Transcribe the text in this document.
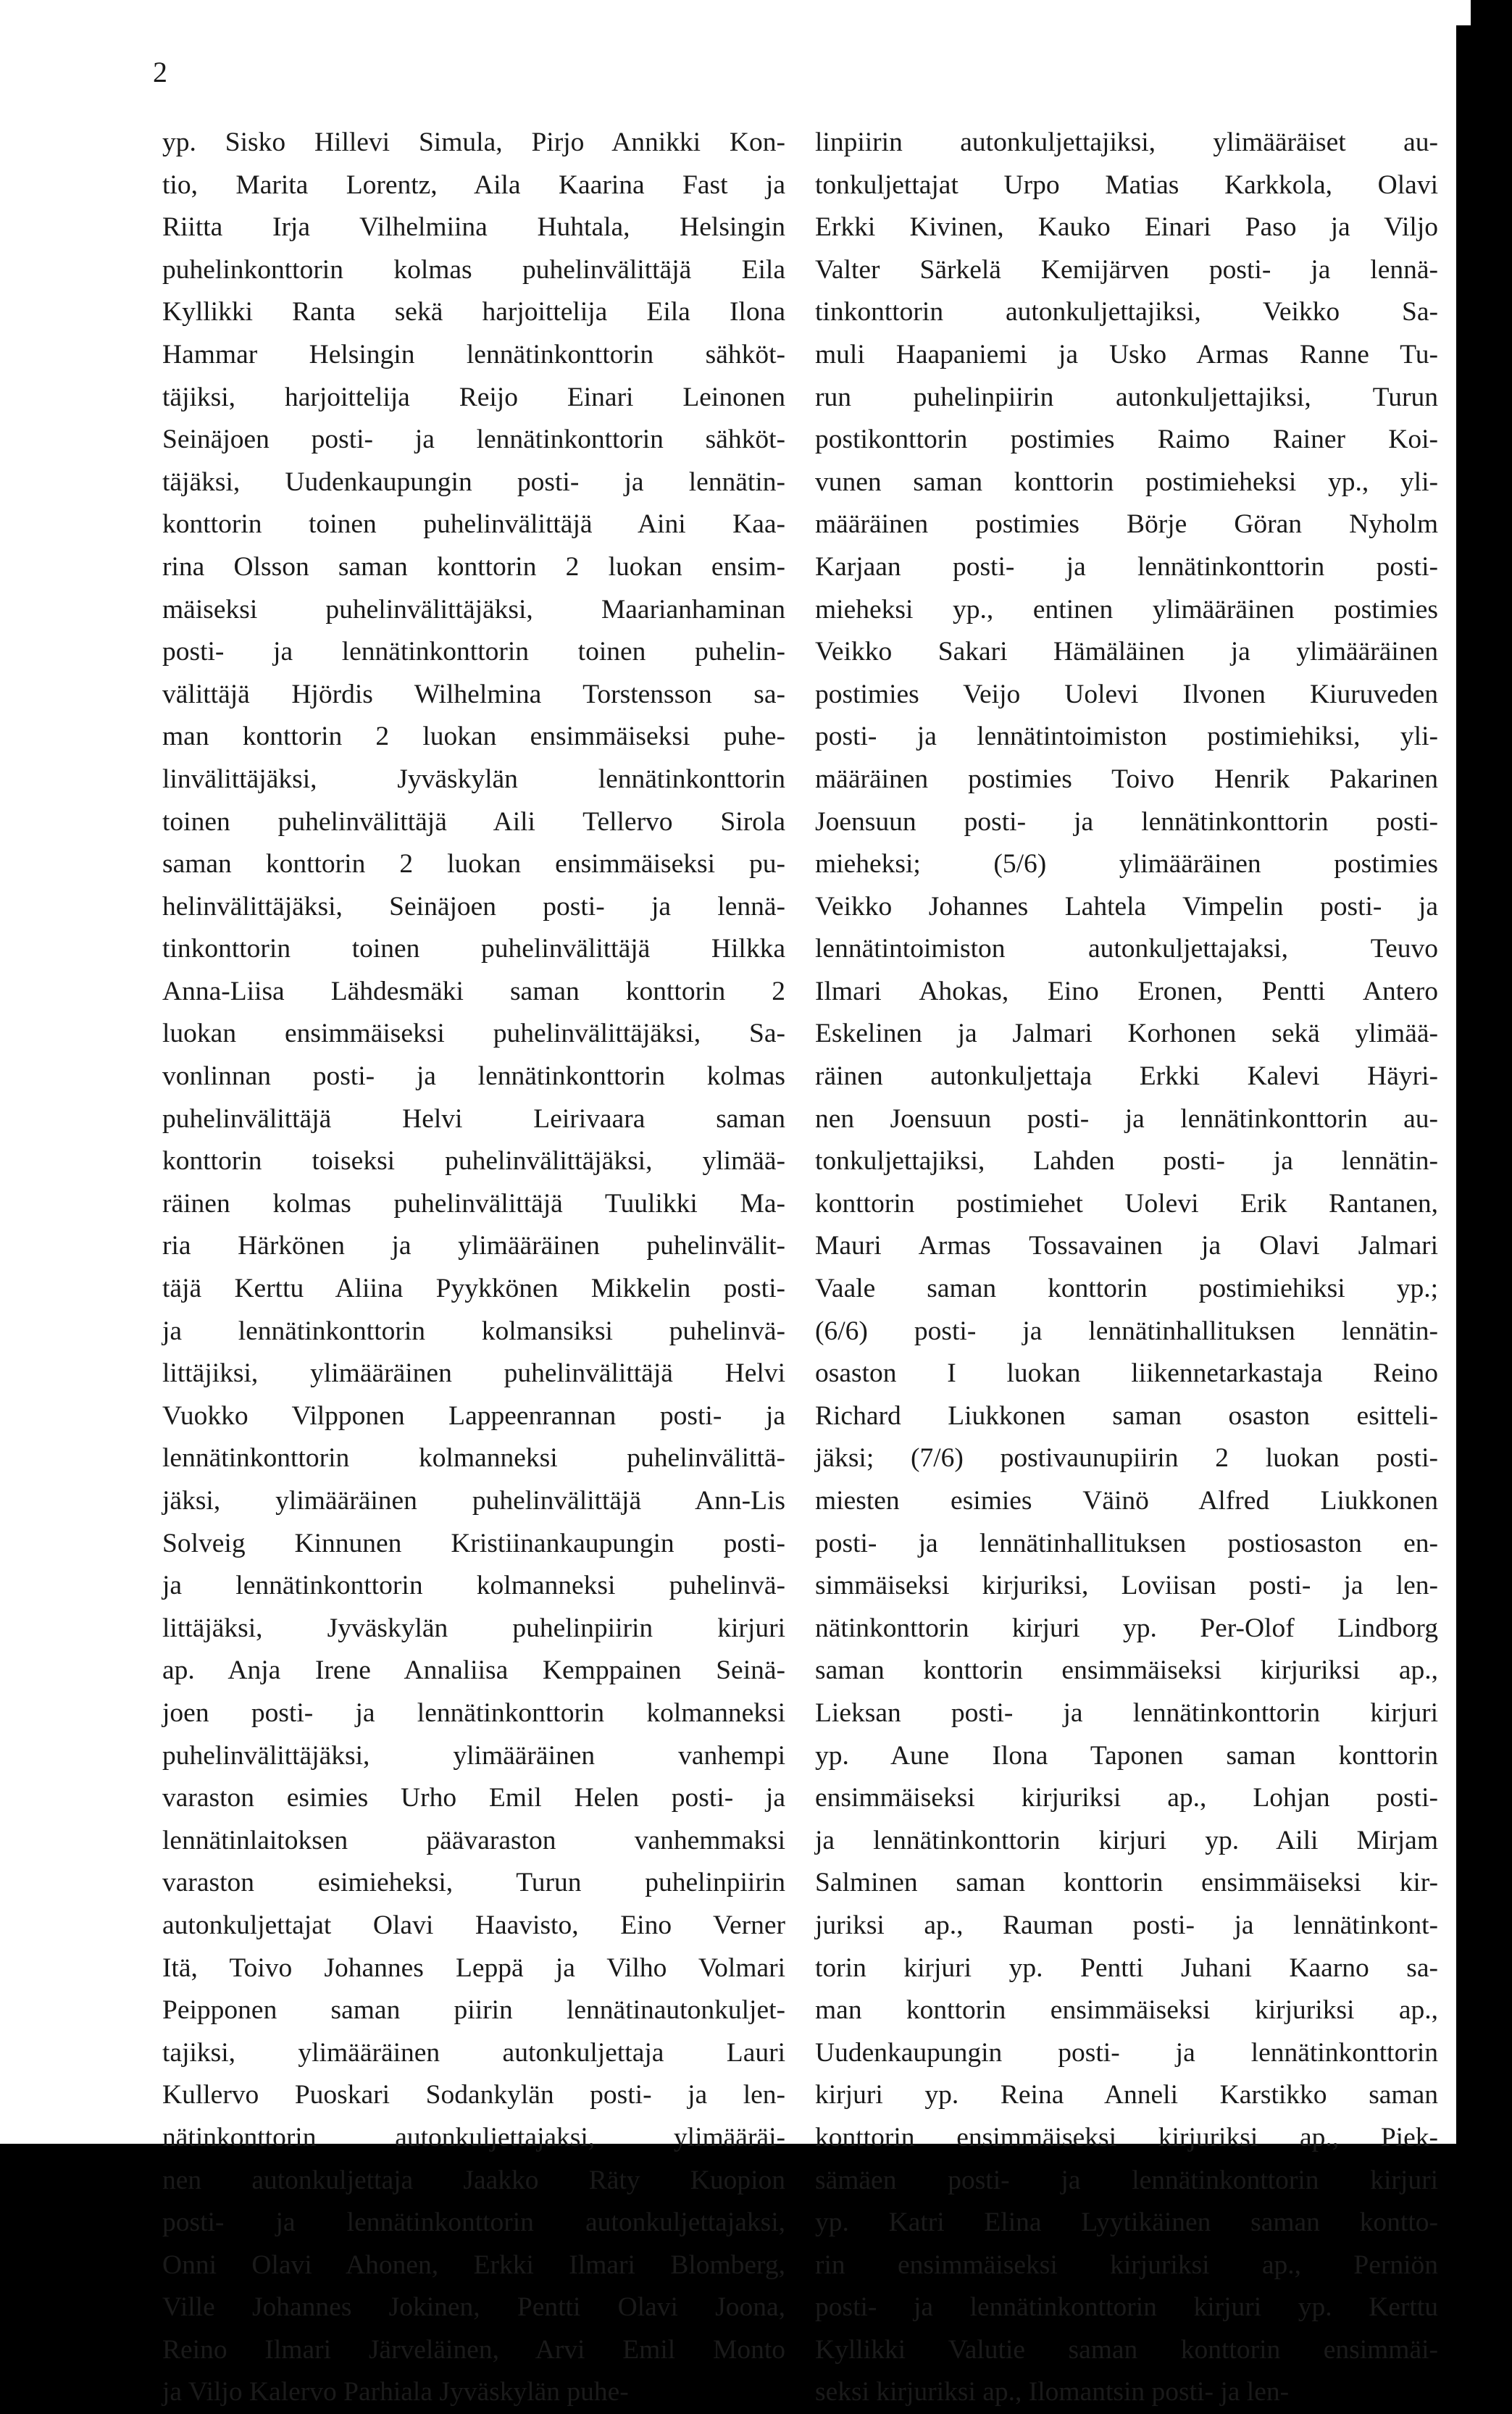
2
yp. Sisko Hillevi Simula, Pirjo Annikki Kon-
tio, Marita Lorentz, Aila Kaarina Fast ja
Riitta Irja Vilhelmiina Huhtala, Helsingin
puhelinkonttorin kolmas puhelinvälittäjä Eila
Kyllikki Ranta sekä harjoittelija Eila Ilona
Hammar Helsingin lennätinkonttorin sähköt-
täjiksi, harjoittelija Reijo Einari Leinonen
Seinäjoen posti- ja lennätinkonttorin sähköt-
täjäksi, Uudenkaupungin posti- ja lennätin-
konttorin toinen puhelinvälittäjä Aini Kaa-
rina Olsson saman konttorin 2 luokan ensim-
mäiseksi puhelinvälittäjäksi, Maarianhaminan
posti- ja lennätinkonttorin toinen puhelin-
välittäjä Hjördis Wilhelmina Torstensson sa-
man konttorin 2 luokan ensimmäiseksi puhe-
linvälittäjäksi, Jyväskylän lennätinkonttorin
toinen puhelinvälittäjä Aili Tellervo Sirola
saman konttorin 2 luokan ensimmäiseksi pu-
helinvälittäjäksi, Seinäjoen posti- ja lennä-
tinkonttorin toinen puhelinvälittäjä Hilkka
Anna-Liisa Lähdesmäki saman konttorin 2
luokan ensimmäiseksi puhelinvälittäjäksi, Sa-
vonlinnan posti- ja lennätinkonttorin kolmas
puhelinvälittäjä Helvi Leirivaara saman
konttorin toiseksi puhelinvälittäjäksi, ylimää-
räinen kolmas puhelinvälittäjä Tuulikki Ma-
ria Härkönen ja ylimääräinen puhelinvälit-
täjä Kerttu Aliina Pyykkönen Mikkelin posti-
ja lennätinkonttorin kolmansiksi puhelinvä-
littäjiksi, ylimääräinen puhelinvälittäjä Helvi
Vuokko Vilpponen Lappeenrannan posti- ja
lennätinkonttorin kolmanneksi puhelinvälittä-
jäksi, ylimääräinen puhelinvälittäjä Ann-Lis
Solveig Kinnunen Kristiinankaupungin posti-
ja lennätinkonttorin kolmanneksi puhelinvä-
littäjäksi, Jyväskylän puhelinpiirin kirjuri
ap. Anja Irene Annaliisa Kemppainen Seinä-
joen posti- ja lennätinkonttorin kolmanneksi
puhelinvälittäjäksi, ylimääräinen vanhempi
varaston esimies Urho Emil Helen posti- ja
lennätinlaitoksen päävaraston vanhemmaksi
varaston esimieheksi, Turun puhelinpiirin
autonkuljettajat Olavi Haavisto, Eino Verner
Itä, Toivo Johannes Leppä ja Vilho Volmari
Peipponen saman piirin lennätinautonkuljet-
tajiksi, ylimääräinen autonkuljettaja Lauri
Kullervo Puoskari Sodankylän posti- ja len-
nätinkonttorin autonkuljettajaksi, ylimääräi-
nen autonkuljettaja Jaakko Räty Kuopion
posti- ja lennätinkonttorin autonkuljettajaksi,
Onni Olavi Ahonen, Erkki Ilmari Blomberg,
Ville Johannes Jokinen, Pentti Olavi Joona,
Reino Ilmari Järveläinen, Arvi Emil Monto
ja Viljo Kalervo Parhiala Jyväskylän puhe-
linpiirin autonkuljettajiksi, ylimääräiset au-
tonkuljettajat Urpo Matias Karkkola, Olavi
Erkki Kivinen, Kauko Einari Paso ja Viljo
Valter Särkelä Kemijärven posti- ja lennä-
tinkonttorin autonkuljettajiksi, Veikko Sa-
muli Haapaniemi ja Usko Armas Ranne Tu-
run puhelinpiirin autonkuljettajiksi, Turun
postikonttorin postimies Raimo Rainer Koi-
vunen saman konttorin postimieheksi yp., yli-
määräinen postimies Börje Göran Nyholm
Karjaan posti- ja lennätinkonttorin posti-
mieheksi yp., entinen ylimääräinen postimies
Veikko Sakari Hämäläinen ja ylimääräinen
postimies Veijo Uolevi Ilvonen Kiuruveden
posti- ja lennätintoimiston postimiehiksi, yli-
määräinen postimies Toivo Henrik Pakarinen
Joensuun posti- ja lennätinkonttorin posti-
mieheksi; (5/6) ylimääräinen postimies
Veikko Johannes Lahtela Vimpelin posti- ja
lennätintoimiston autonkuljettajaksi, Teuvo
Ilmari Ahokas, Eino Eronen, Pentti Antero
Eskelinen ja Jalmari Korhonen sekä ylimää-
räinen autonkuljettaja Erkki Kalevi Häyri-
nen Joensuun posti- ja lennätinkonttorin au-
tonkuljettajiksi, Lahden posti- ja lennätin-
konttorin postimiehet Uolevi Erik Rantanen,
Mauri Armas Tossavainen ja Olavi Jalmari
Vaale saman konttorin postimiehiksi yp.;
(6/6) posti- ja lennätinhallituksen lennätin-
osaston I luokan liikennetarkastaja Reino
Richard Liukkonen saman osaston esitteli-
jäksi; (7/6) postivaunupiirin 2 luokan posti-
miesten esimies Väinö Alfred Liukkonen
posti- ja lennätinhallituksen postiosaston en-
simmäiseksi kirjuriksi, Loviisan posti- ja len-
nätinkonttorin kirjuri yp. Per-Olof Lindborg
saman konttorin ensimmäiseksi kirjuriksi ap.,
Lieksan posti- ja lennätinkonttorin kirjuri
yp. Aune Ilona Taponen saman konttorin
ensimmäiseksi kirjuriksi ap., Lohjan posti-
ja lennätinkonttorin kirjuri yp. Aili Mirjam
Salminen saman konttorin ensimmäiseksi kir-
juriksi ap., Rauman posti- ja lennätinkont-
torin kirjuri yp. Pentti Juhani Kaarno sa-
man konttorin ensimmäiseksi kirjuriksi ap.,
Uudenkaupungin posti- ja lennätinkonttorin
kirjuri yp. Reina Anneli Karstikko saman
konttorin ensimmäiseksi kirjuriksi ap., Piek-
sämäen posti- ja lennätinkonttorin kirjuri
yp. Katri Elina Lyytikäinen saman kontto-
rin ensimmäiseksi kirjuriksi ap., Perniön
posti- ja lennätinkonttorin kirjuri yp. Kerttu
Kyllikki Valutie saman konttorin ensimmäi-
seksi kirjuriksi ap., Ilomantsin posti- ja len-
